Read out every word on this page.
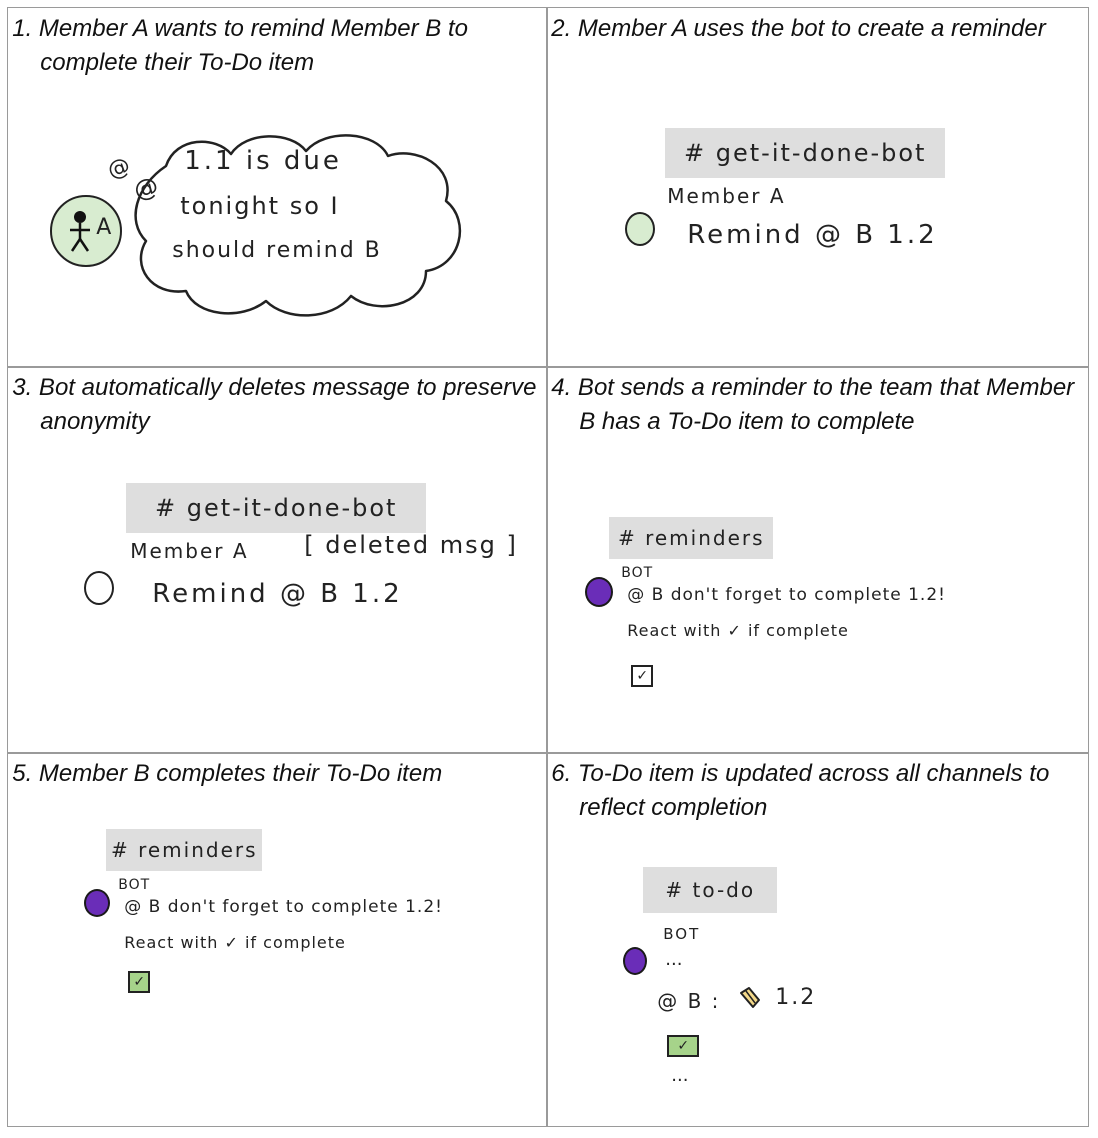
1. Member A wants to remind Member B to complete their To-Do item
A
@
@
1.1 is due
tonight so I
should remind B
2. Member A uses the bot to create a reminder
# get-it-done-bot
Member A
Remind @ B 1.2
3. Bot automatically deletes message to preserve anonymity
# get-it-done-bot
Member A [ deleted msg ]
Remind @ B 1.2
4. Bot sends a reminder to the team that Member B has a To-Do item to complete
# reminders
BOT
@ B don't forget to complete 1.2!
React with ✓ if complete
✓
5. Member B completes their To-Do item
# reminders
BOT
@ B don't forget to complete 1.2!
React with ✓ if complete
✓
6. To-Do item is updated across all channels to reflect completion
# to-do
BOT
...
@ B : 1.2
✓
...
